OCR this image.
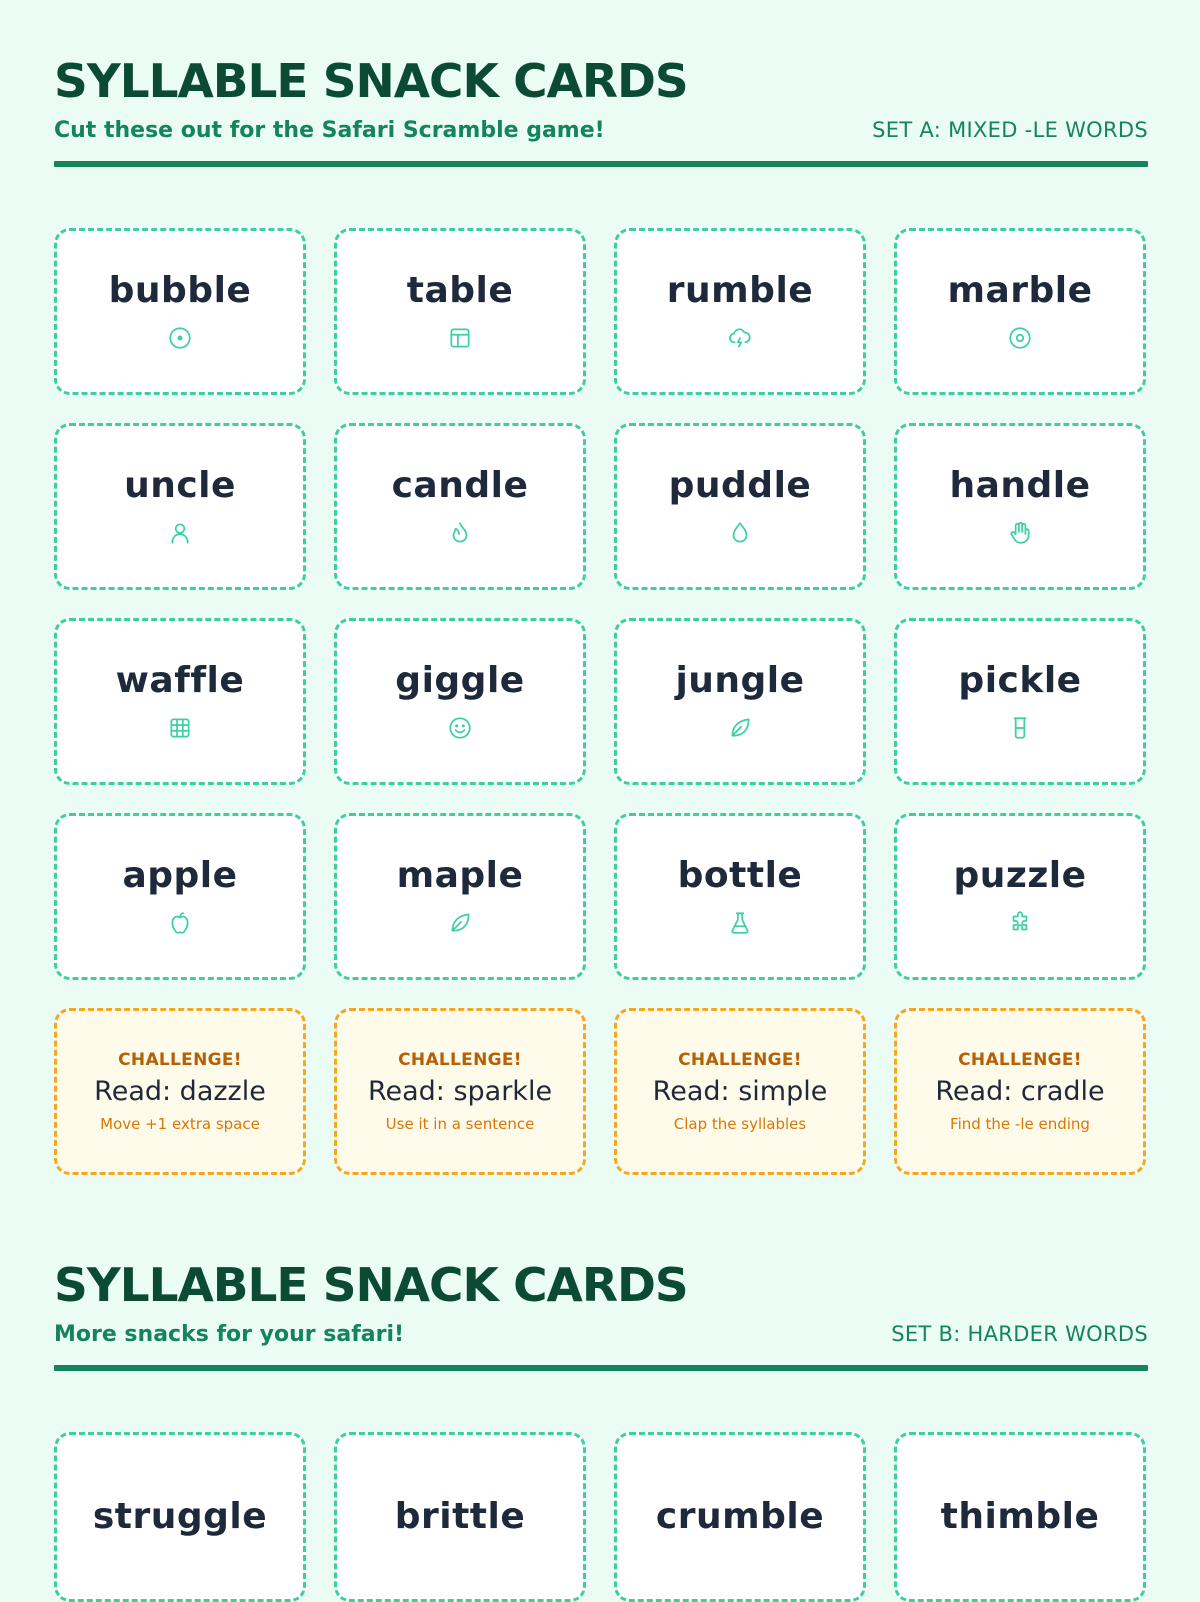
SYLLABLE SNACK CARDS
Cut these out for the Safari Scramble game!	SET A: MIXED -LE WORDS
bubble	table	rumble	marble
uncle	candle	puddle	handle
waffle	giggle	jungle	pickle
apple	maple	bottle	puzzle
CHALLENGE!
Read: dazzle
Move +1 extra space
CHALLENGE!
Read: sparkle
Use it in a sentence
CHALLENGE!
Read: simple
Clap the syllables
CHALLENGE!
Read: cradle
Find the -le ending
SYLLABLE SNACK CARDS
More snacks for your safari!	SET B: HARDER WORDS
struggle	brittle	crumble	thimble
